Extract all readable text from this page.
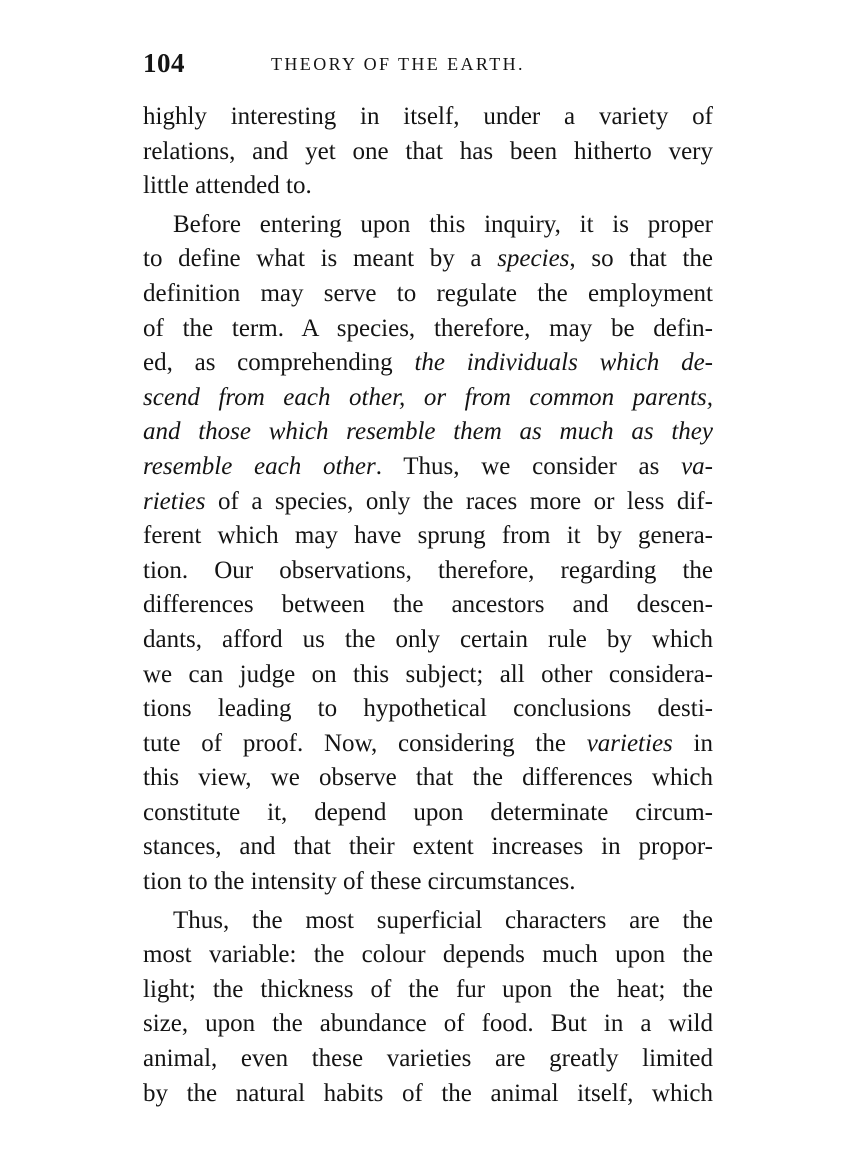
104	THEORY OF THE EARTH.
highly interesting in itself, under a variety of
relations, and yet one that has been hitherto very
little attended to.
Before entering upon this inquiry, it is proper
to define what is meant by a species, so that the
definition may serve to regulate the employment
of the term. A species, therefore, may be defin-
ed, as comprehending the individuals which de-
scend from each other, or from common parents,
and those which resemble them as much as they
resemble each other. Thus, we consider as va-
rieties of a species, only the races more or less dif-
ferent which may have sprung from it by genera-
tion. Our observations, therefore, regarding the
differences between the ancestors and descen-
dants, afford us the only certain rule by which
we can judge on this subject; all other considera-
tions leading to hypothetical conclusions desti-
tute of proof. Now, considering the varieties in
this view, we observe that the differences which
constitute it, depend upon determinate circum-
stances, and that their extent increases in propor-
tion to the intensity of these circumstances.
Thus, the most superficial characters are the
most variable: the colour depends much upon the
light; the thickness of the fur upon the heat; the
size, upon the abundance of food. But in a wild
animal, even these varieties are greatly limited
by the natural habits of the animal itself, which
